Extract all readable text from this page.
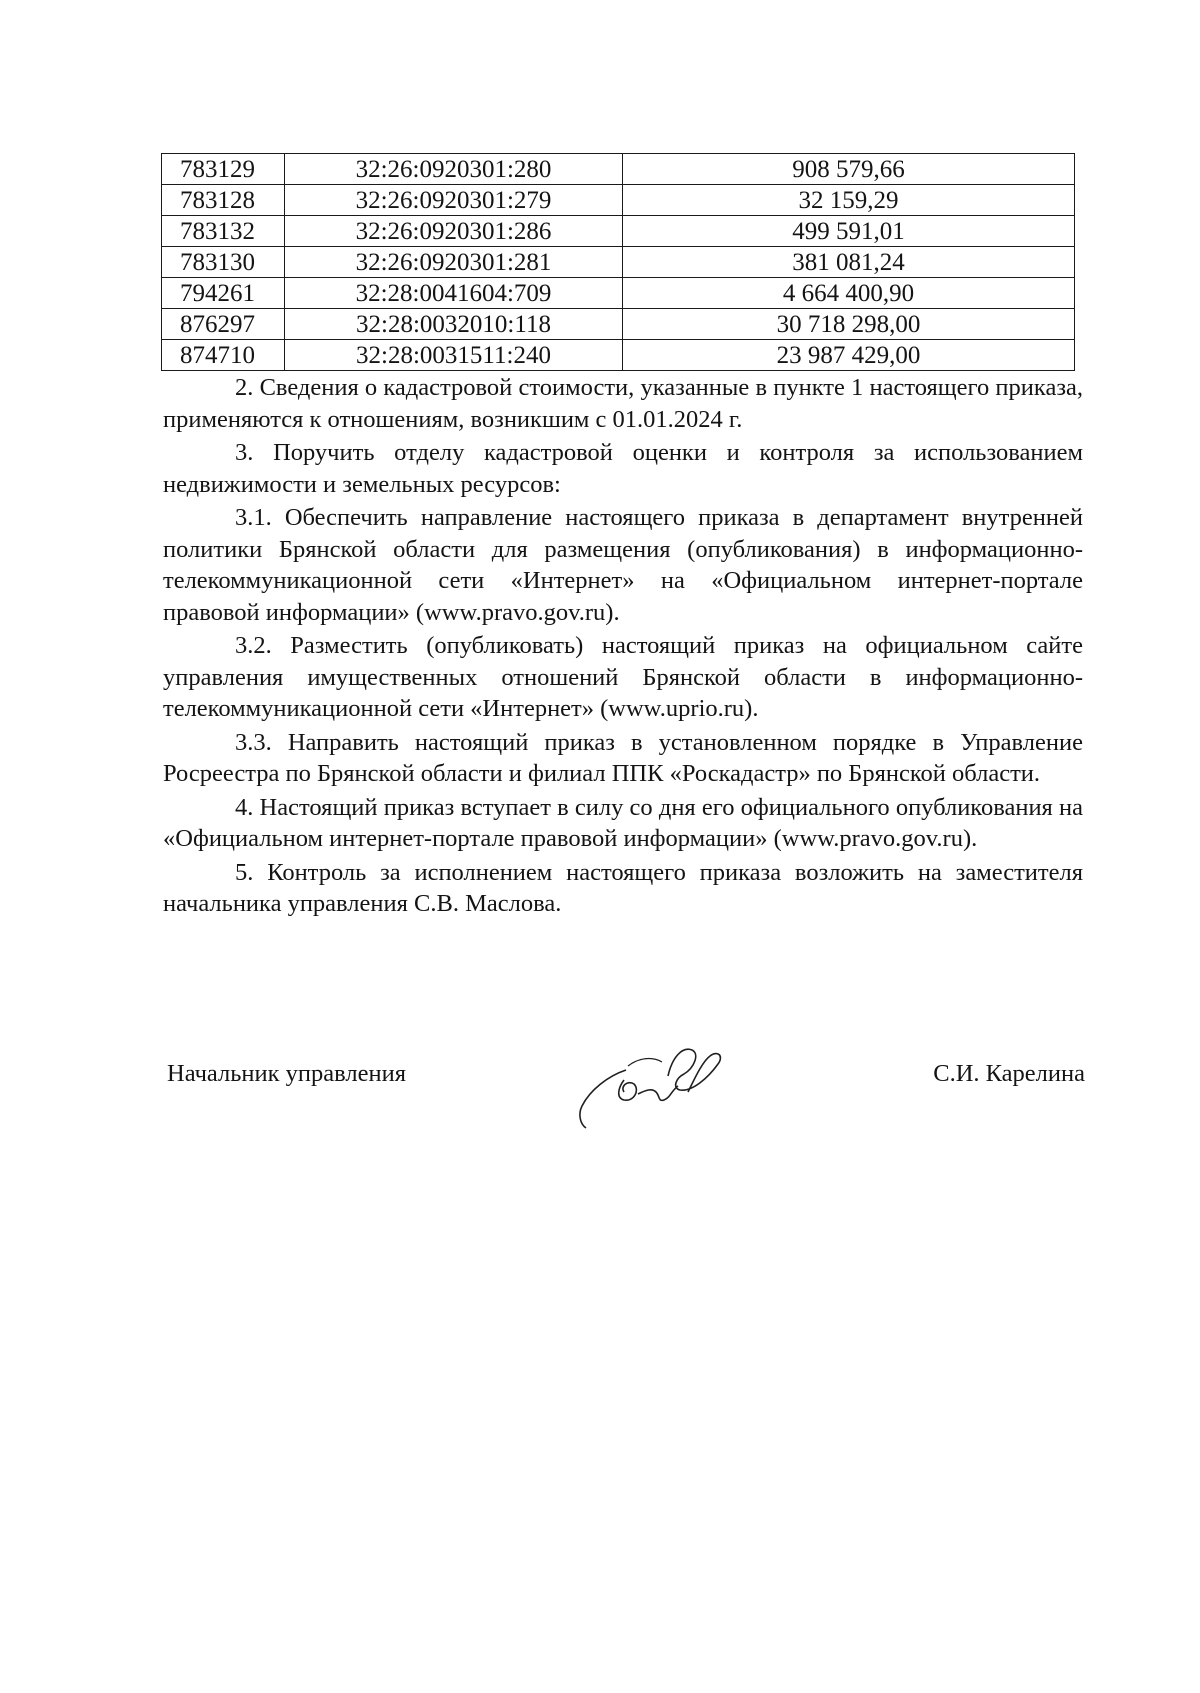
783129	32:26:0920301:280	908 579,66
783128	32:26:0920301:279	32 159,29
783132	32:26:0920301:286	499 591,01
783130	32:26:0920301:281	381 081,24
794261	32:28:0041604:709	4 664 400,90
876297	32:28:0032010:118	30 718 298,00
874710	32:28:0031511:240	23 987 429,00

2. Сведения о кадастровой стоимости, указанные в пункте 1 настоящего приказа, применяются к отношениям, возникшим с 01.01.2024 г.

3. Поручить отделу кадастровой оценки и контроля за использованием недвижимости и земельных ресурсов:

3.1. Обеспечить направление настоящего приказа в департамент внутренней политики Брянской области для размещения (опубликования) в информационно-телекоммуникационной сети «Интернет» на «Официальном интернет-портале правовой информации» (www.pravo.gov.ru).

3.2. Разместить (опубликовать) настоящий приказ на официальном сайте управления имущественных отношений Брянской области в информационно-телекоммуникационной сети «Интернет» (www.uprio.ru).

3.3. Направить настоящий приказ в установленном порядке в Управление Росреестра по Брянской области и филиал ППК «Роскадастр» по Брянской области.

4. Настоящий приказ вступает в силу со дня его официального опубликования на «Официальном интернет-портале правовой информации» (www.pravo.gov.ru).

5. Контроль за исполнением настоящего приказа возложить на заместителя начальника управления С.В. Маслова.

Начальник управления	С.И. Карелина
